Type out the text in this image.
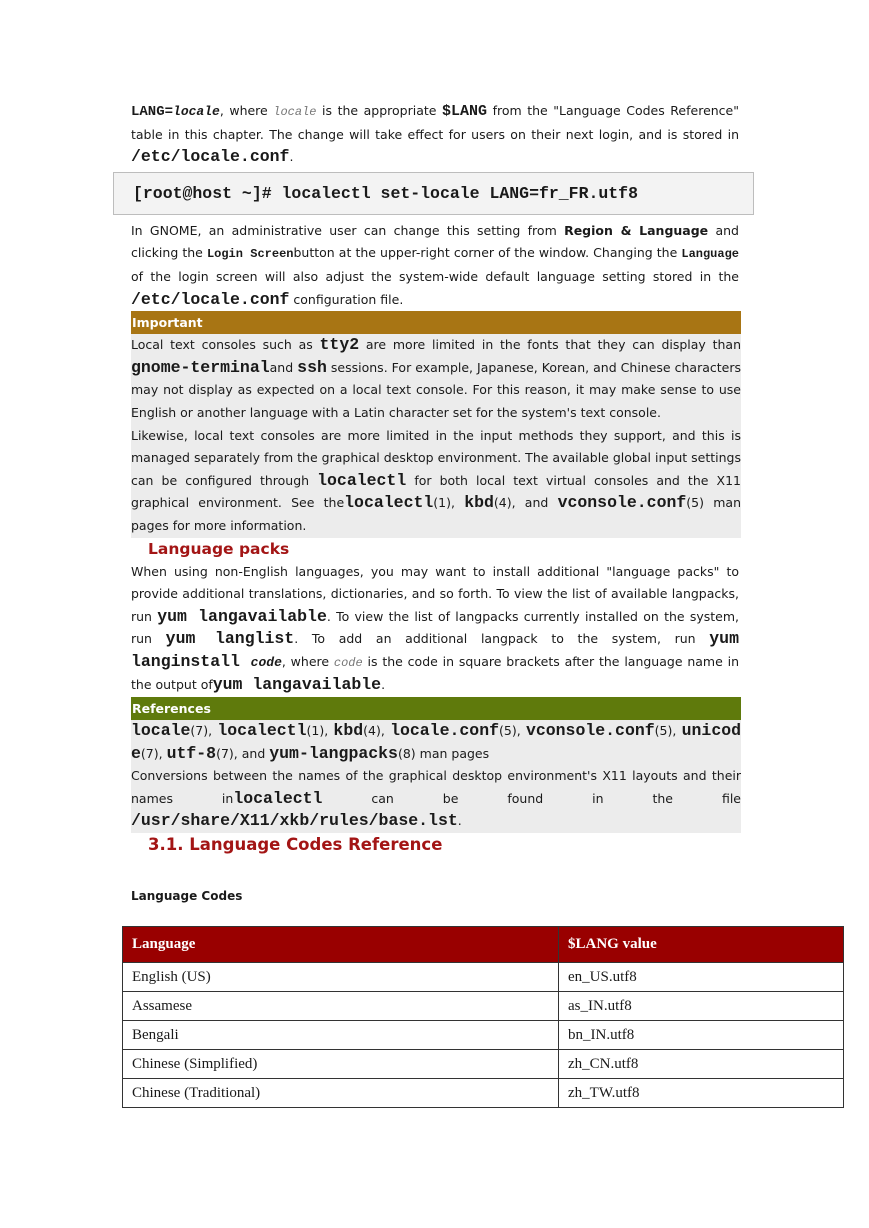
LANG=locale, where locale is the appropriate $LANG from the "Language Codes Reference" table in this chapter. The change will take effect for users on their next login, and is stored in /etc/locale.conf.

In GNOME, an administrative user can change this setting from Region & Language and clicking the Login Screenbutton at the upper-right corner of the window. Changing the Language of the login screen will also adjust the system-wide default language setting stored in the /etc/locale.conf configuration file.

Important

Local text consoles such as tty2 are more limited in the fonts that they can display than gnome-terminaland ssh sessions. For example, Japanese, Korean, and Chinese characters may not display as expected on a local text console. For this reason, it may make sense to use English or another language with a Latin character set for the system's text console.

Likewise, local text consoles are more limited in the input methods they support, and this is managed separately from the graphical desktop environment. The available global input settings can be configured through localectl for both local text virtual consoles and the X11 graphical environment. See thelocalectl(1), kbd(4), and vconsole.conf(5) man pages for more information.

Language packs

When using non-English languages, you may want to install additional "language packs" to provide additional translations, dictionaries, and so forth. To view the list of available langpacks, run yum langavailable. To view the list of langpacks currently installed on the system, run yum langlist. To add an additional langpack to the system, run yum langinstall code, where code is the code in square brackets after the language name in the output ofyum langavailable.

References

locale(7), localectl(1), kbd(4), locale.conf(5), vconsole.conf(5), unicode(7), utf-8(7), and yum-langpacks(8) man pages

Conversions between the names of the graphical desktop environment's X11 layouts and their names inlocalectl can be found in the file /usr/share/X11/xkb/rules/base.lst.

[root@host ~]# localectl set-locale LANG=fr_FR.utf8
3.1. Language Codes Reference
Language Codes
Language	$LANG value
English (US)	en_US.utf8
Assamese	as_IN.utf8
Bengali	bn_IN.utf8
Chinese (Simplified)	zh_CN.utf8
Chinese (Traditional)	zh_TW.utf8
